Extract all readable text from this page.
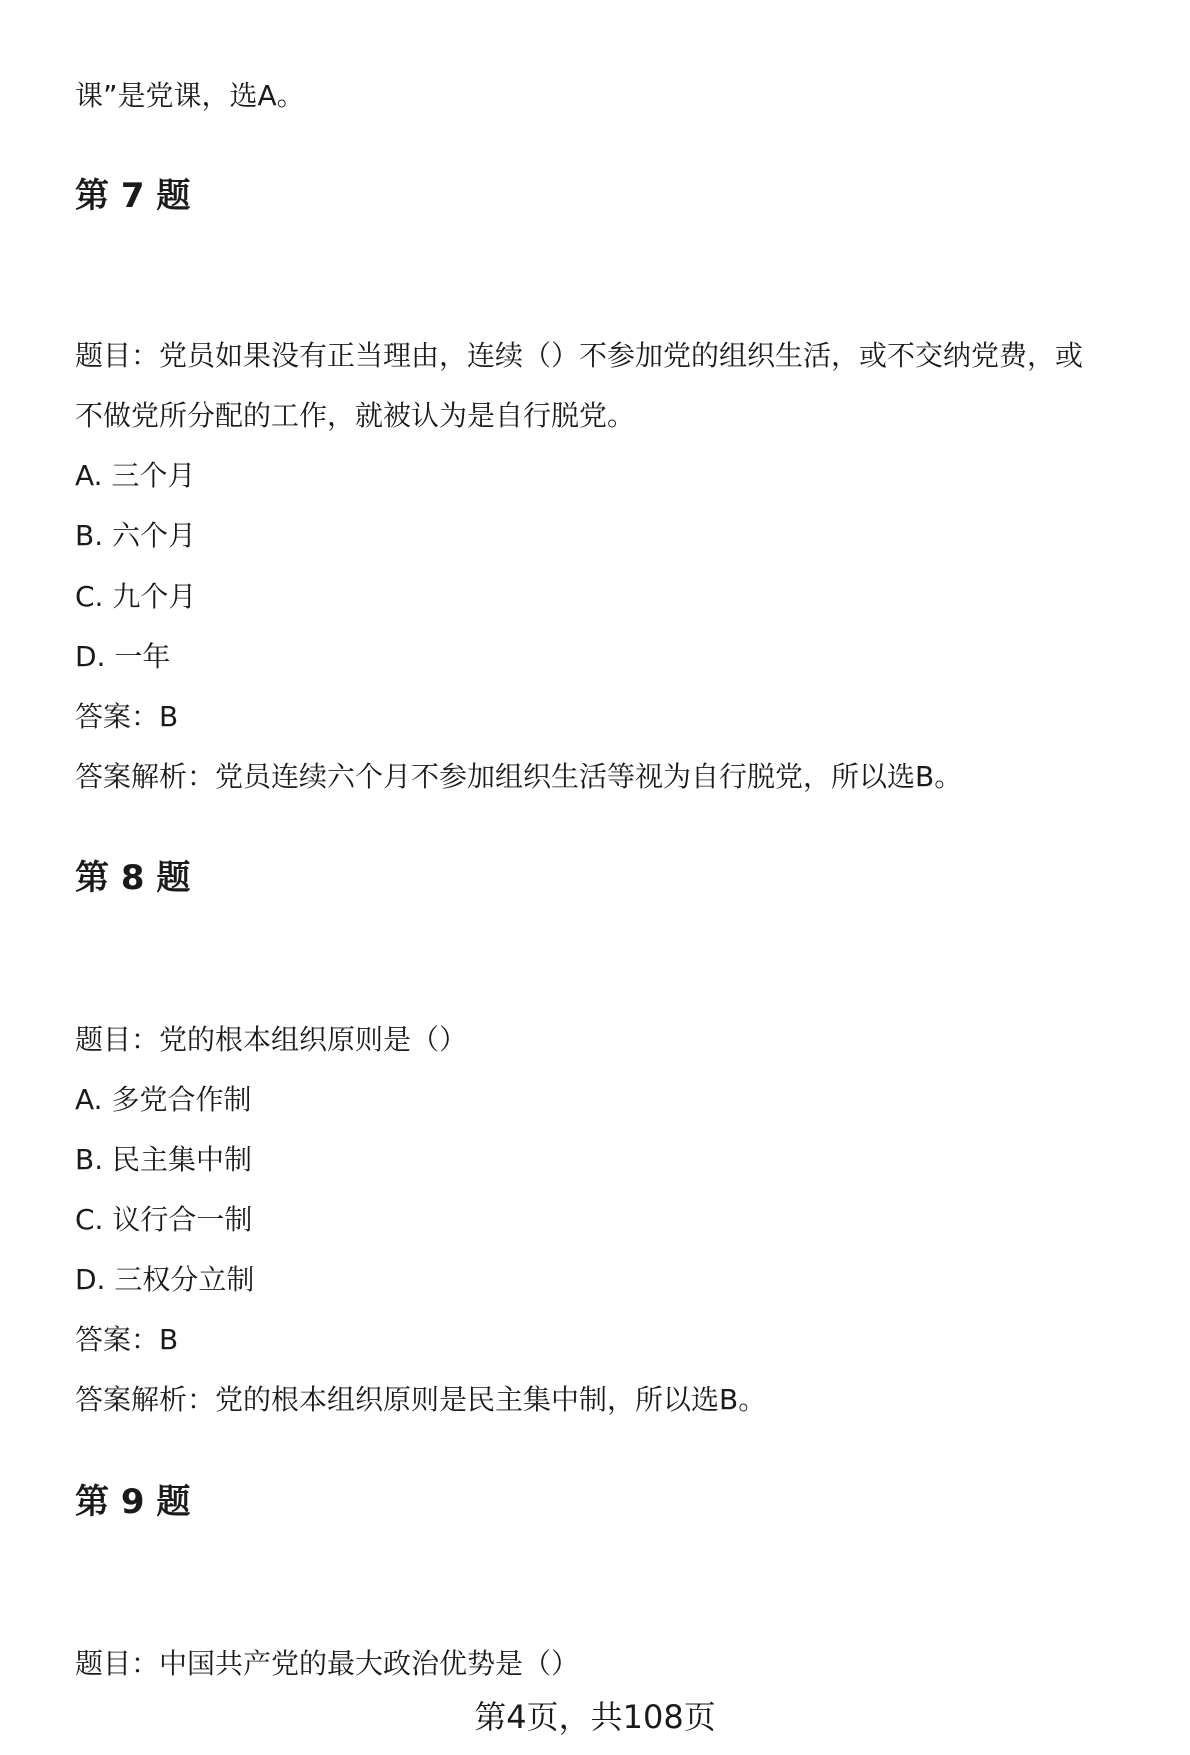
课”是党课，选A。
第 7 题
题目：党员如果没有正当理由，连续（）不参加党的组织生活，或不交纳党费，或
不做党所分配的工作，就被认为是自行脱党。
A. 三个月
B. 六个月
C. 九个月
D. 一年
答案：B
答案解析：党员连续六个月不参加组织生活等视为自行脱党，所以选B。
第 8 题
题目：党的根本组织原则是（）
A. 多党合作制
B. 民主集中制
C. 议行合一制
D. 三权分立制
答案：B
答案解析：党的根本组织原则是民主集中制，所以选B。
第 9 题
题目：中国共产党的最大政治优势是（）
第4页，共108页
